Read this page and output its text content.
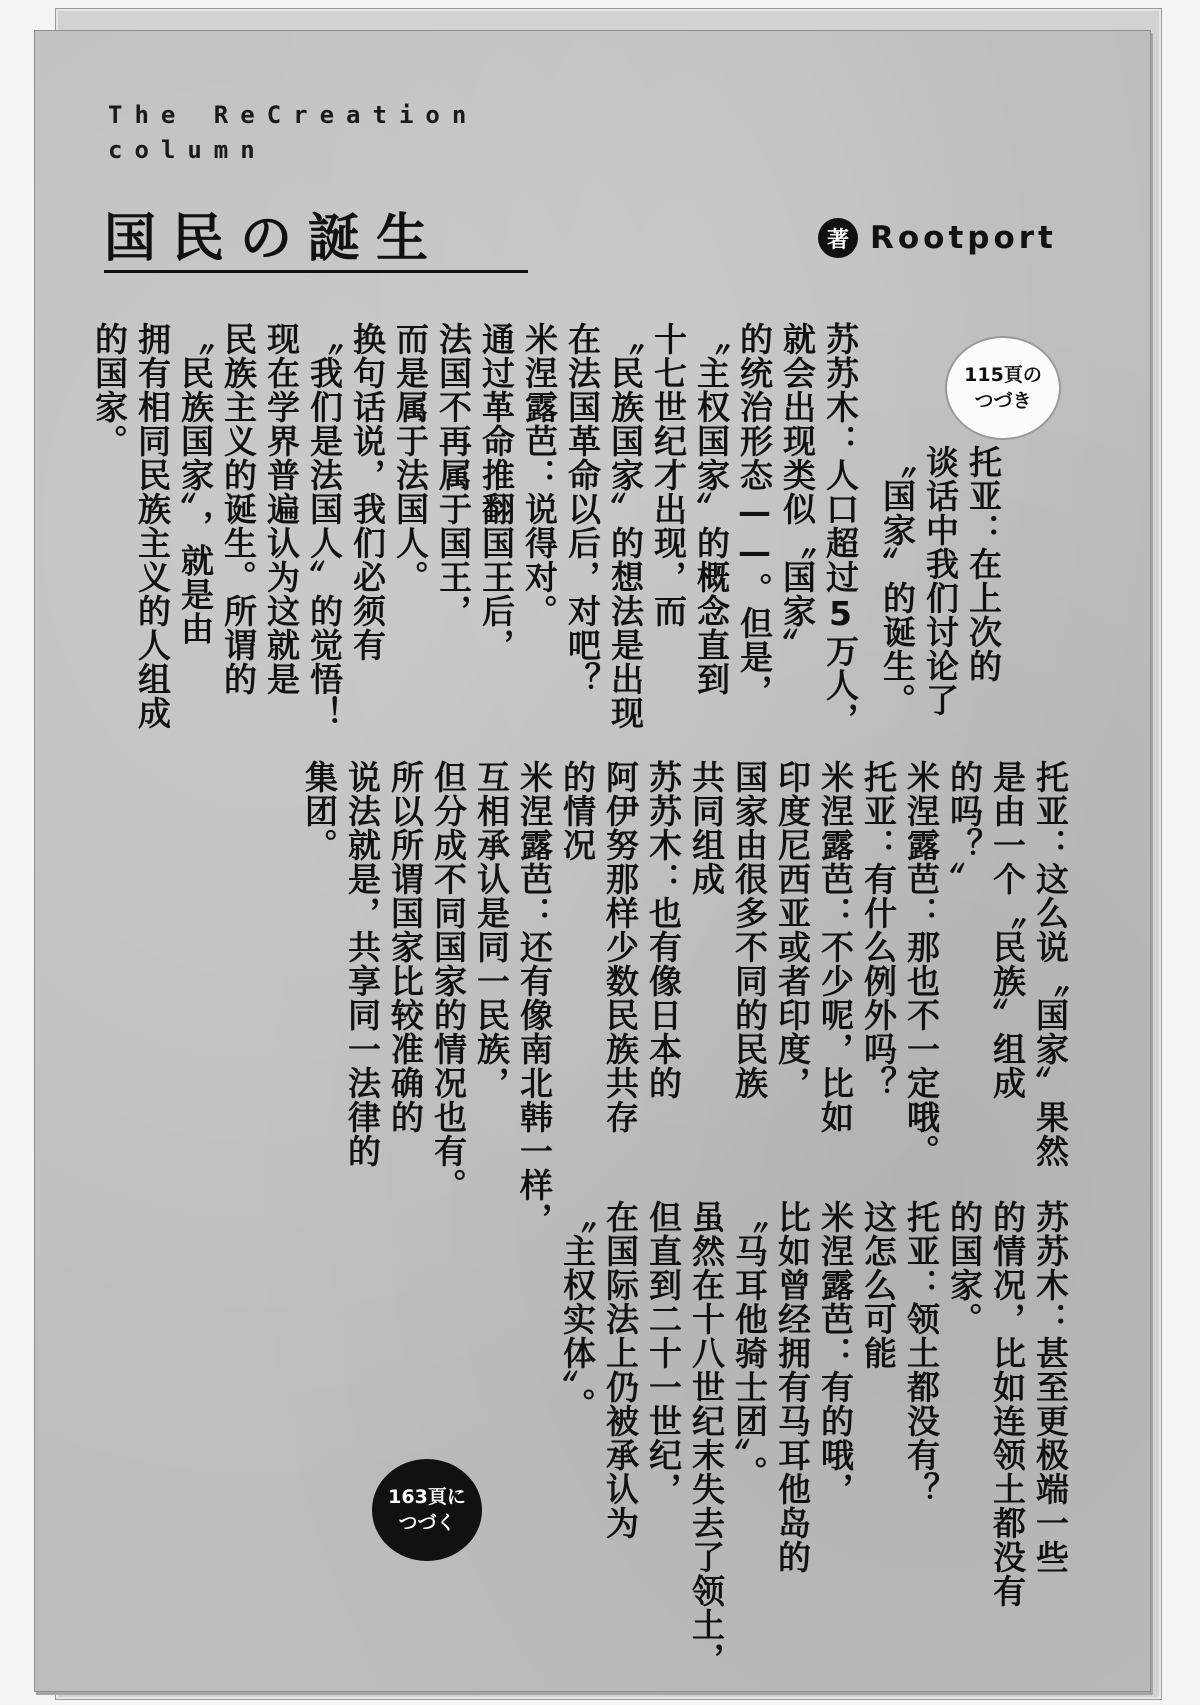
The ReCreation
column
国民の誕生	著 Rootport
115頁の
つづき
托亚：在上次的
谈话中我们讨论了
〝国家〞的诞生。
苏苏木：人口超过5万人，
就会出现类似〝国家〞
的统治形态——。但是，
〝主权国家〞的概念直到
十七世纪才出现，而
〝民族国家〞的想法是出现
在法国革命以后，对吧？
米涅露芭：说得对。
通过革命推翻国王后，
法国不再属于国王，
而是属于法国人。
换句话说，我们必须有
〝我们是法国人〞的觉悟！
现在学界普遍认为这就是
民族主义的诞生。所谓的
〝民族国家〞，就是由
拥有相同民族主义的人组成
的国家。
托亚：这么说〝国家〞果然
是由一个〝民族〞组成
的吗？〞
米涅露芭：那也不一定哦。
托亚：有什么例外吗？
米涅露芭：不少呢，比如
印度尼西亚或者印度，
国家由很多不同的民族
共同组成
苏苏木：也有像日本的
阿伊努那样少数民族共存
的情况
米涅露芭：还有像南北韩一样，
互相承认是同一民族，
但分成不同国家的情况也有。
所以所谓国家比较准确的
说法就是，共享同一法律的
集团。
苏苏木：甚至更极端一些
的情况，比如连领土都没有
的国家。
托亚：领土都没有？
这怎么可能
米涅露芭：有的哦，
比如曾经拥有马耳他岛的
〝马耳他骑士团〞。
虽然在十八世纪末失去了领土，
但直到二十一世纪，
在国际法上仍被承认为
〝主权实体〞。
163頁に
つづく
